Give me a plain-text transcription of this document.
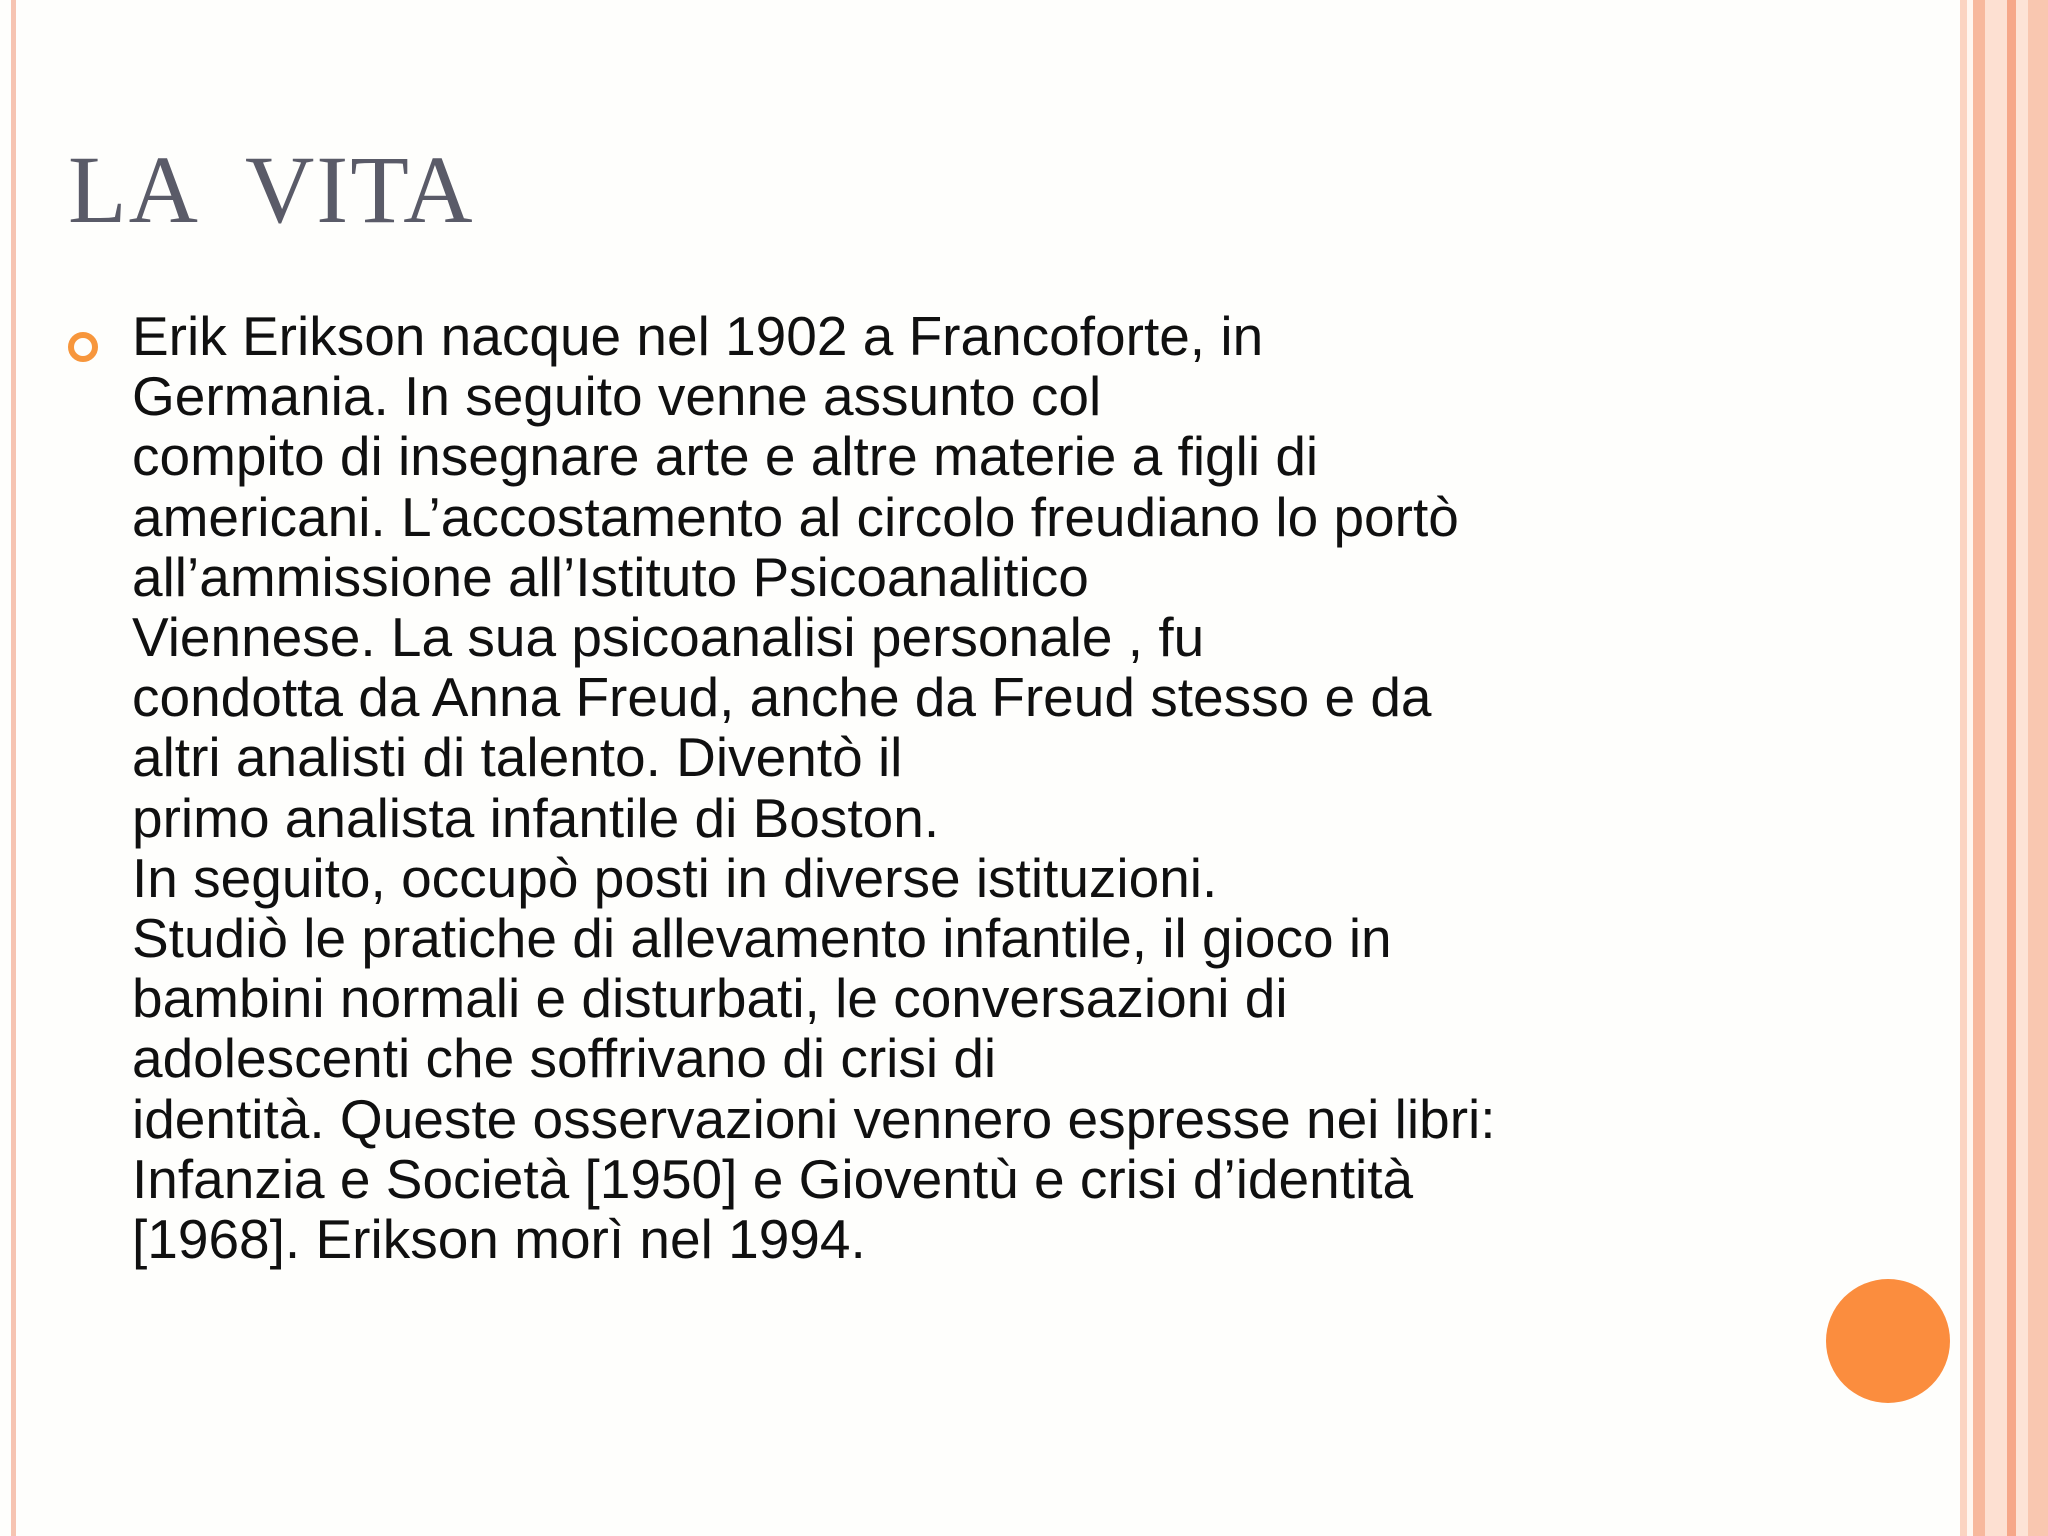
LA  VITA

Erik Erikson nacque nel 1902 a Francoforte, in
Germania. In seguito venne assunto col
compito di insegnare arte e altre materie a figli di
americani. L’accostamento al circolo freudiano lo portò
all’ammissione all’Istituto Psicoanalitico
Viennese. La sua psicoanalisi personale , fu
condotta da Anna Freud, anche da Freud stesso e da
altri analisti di talento. Diventò il
primo analista infantile di Boston.
In seguito, occupò posti in diverse istituzioni.
Studiò le pratiche di allevamento infantile, il gioco in
bambini normali e disturbati, le conversazioni di
adolescenti che soffrivano di crisi di
identità. Queste osservazioni vennero espresse nei libri:
Infanzia e Società [1950] e Gioventù e crisi d’identità
[1968]. Erikson morì nel 1994.
